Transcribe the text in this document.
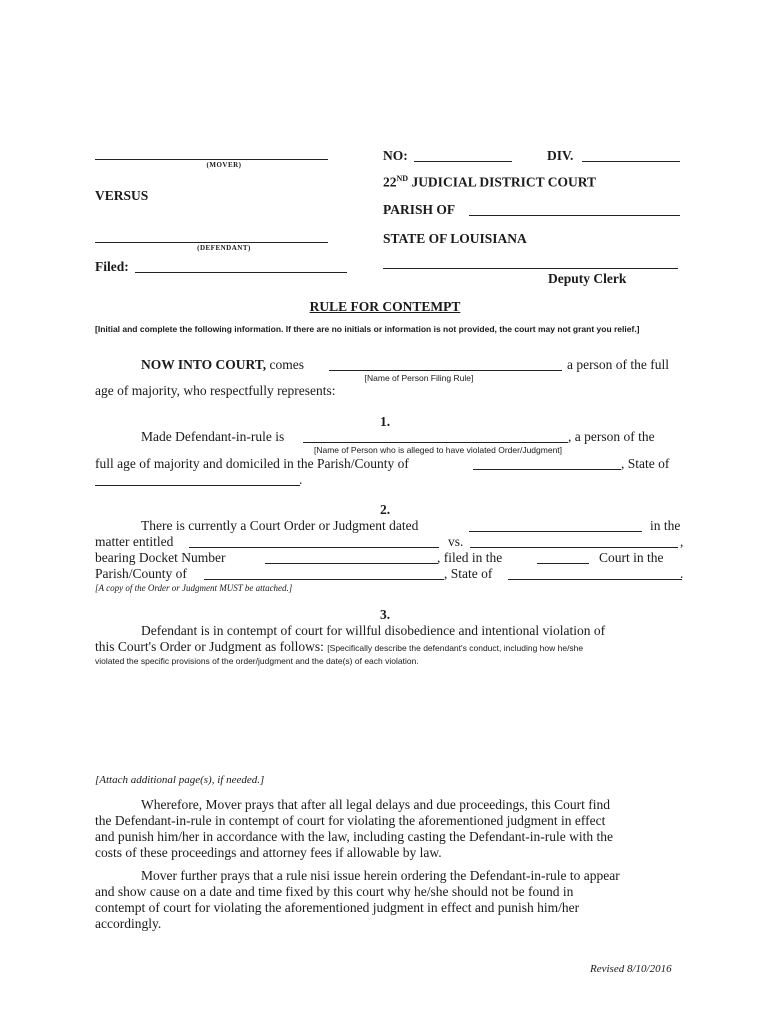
(MOVER)
VERSUS
(DEFENDANT)
Filed:
NO:	DIV.
22ND JUDICIAL DISTRICT COURT
PARISH OF
STATE OF LOUISIANA
Deputy Clerk
RULE FOR CONTEMPT
[Initial and complete the following information. If there are no initials or information is not provided, the court may not grant you relief.]
NOW INTO COURT, comes	a person of the full
[Name of Person Filing Rule]
age of majority, who respectfully represents:
1.
Made Defendant-in-rule is	, a person of the
[Name of Person who is alleged to have violated Order/Judgment]
full age of majority and domiciled in the Parish/County of	, State of
.
2.
There is currently a Court Order or Judgment dated	in the
matter entitled	vs.	,
bearing Docket Number	, filed in the	Court in the
Parish/County of	, State of	.
[A copy of the Order or Judgment MUST be attached.]
3.
Defendant is in contempt of court for willful disobedience and intentional violation of
this Court's Order or Judgment as follows: [Specifically describe the defendant's conduct, including how he/she
violated the specific provisions of the order/judgment and the date(s) of each violation.
[Attach additional page(s), if needed.]
Wherefore, Mover prays that after all legal delays and due proceedings, this Court find
the Defendant-in-rule in contempt of court for violating the aforementioned judgment in effect
and punish him/her in accordance with the law, including casting the Defendant-in-rule with the
costs of these proceedings and attorney fees if allowable by law.
Mover further prays that a rule nisi issue herein ordering the Defendant-in-rule to appear
and show cause on a date and time fixed by this court why he/she should not be found in
contempt of court for violating the aforementioned judgment in effect and punish him/her
accordingly.
Revised 8/10/2016
